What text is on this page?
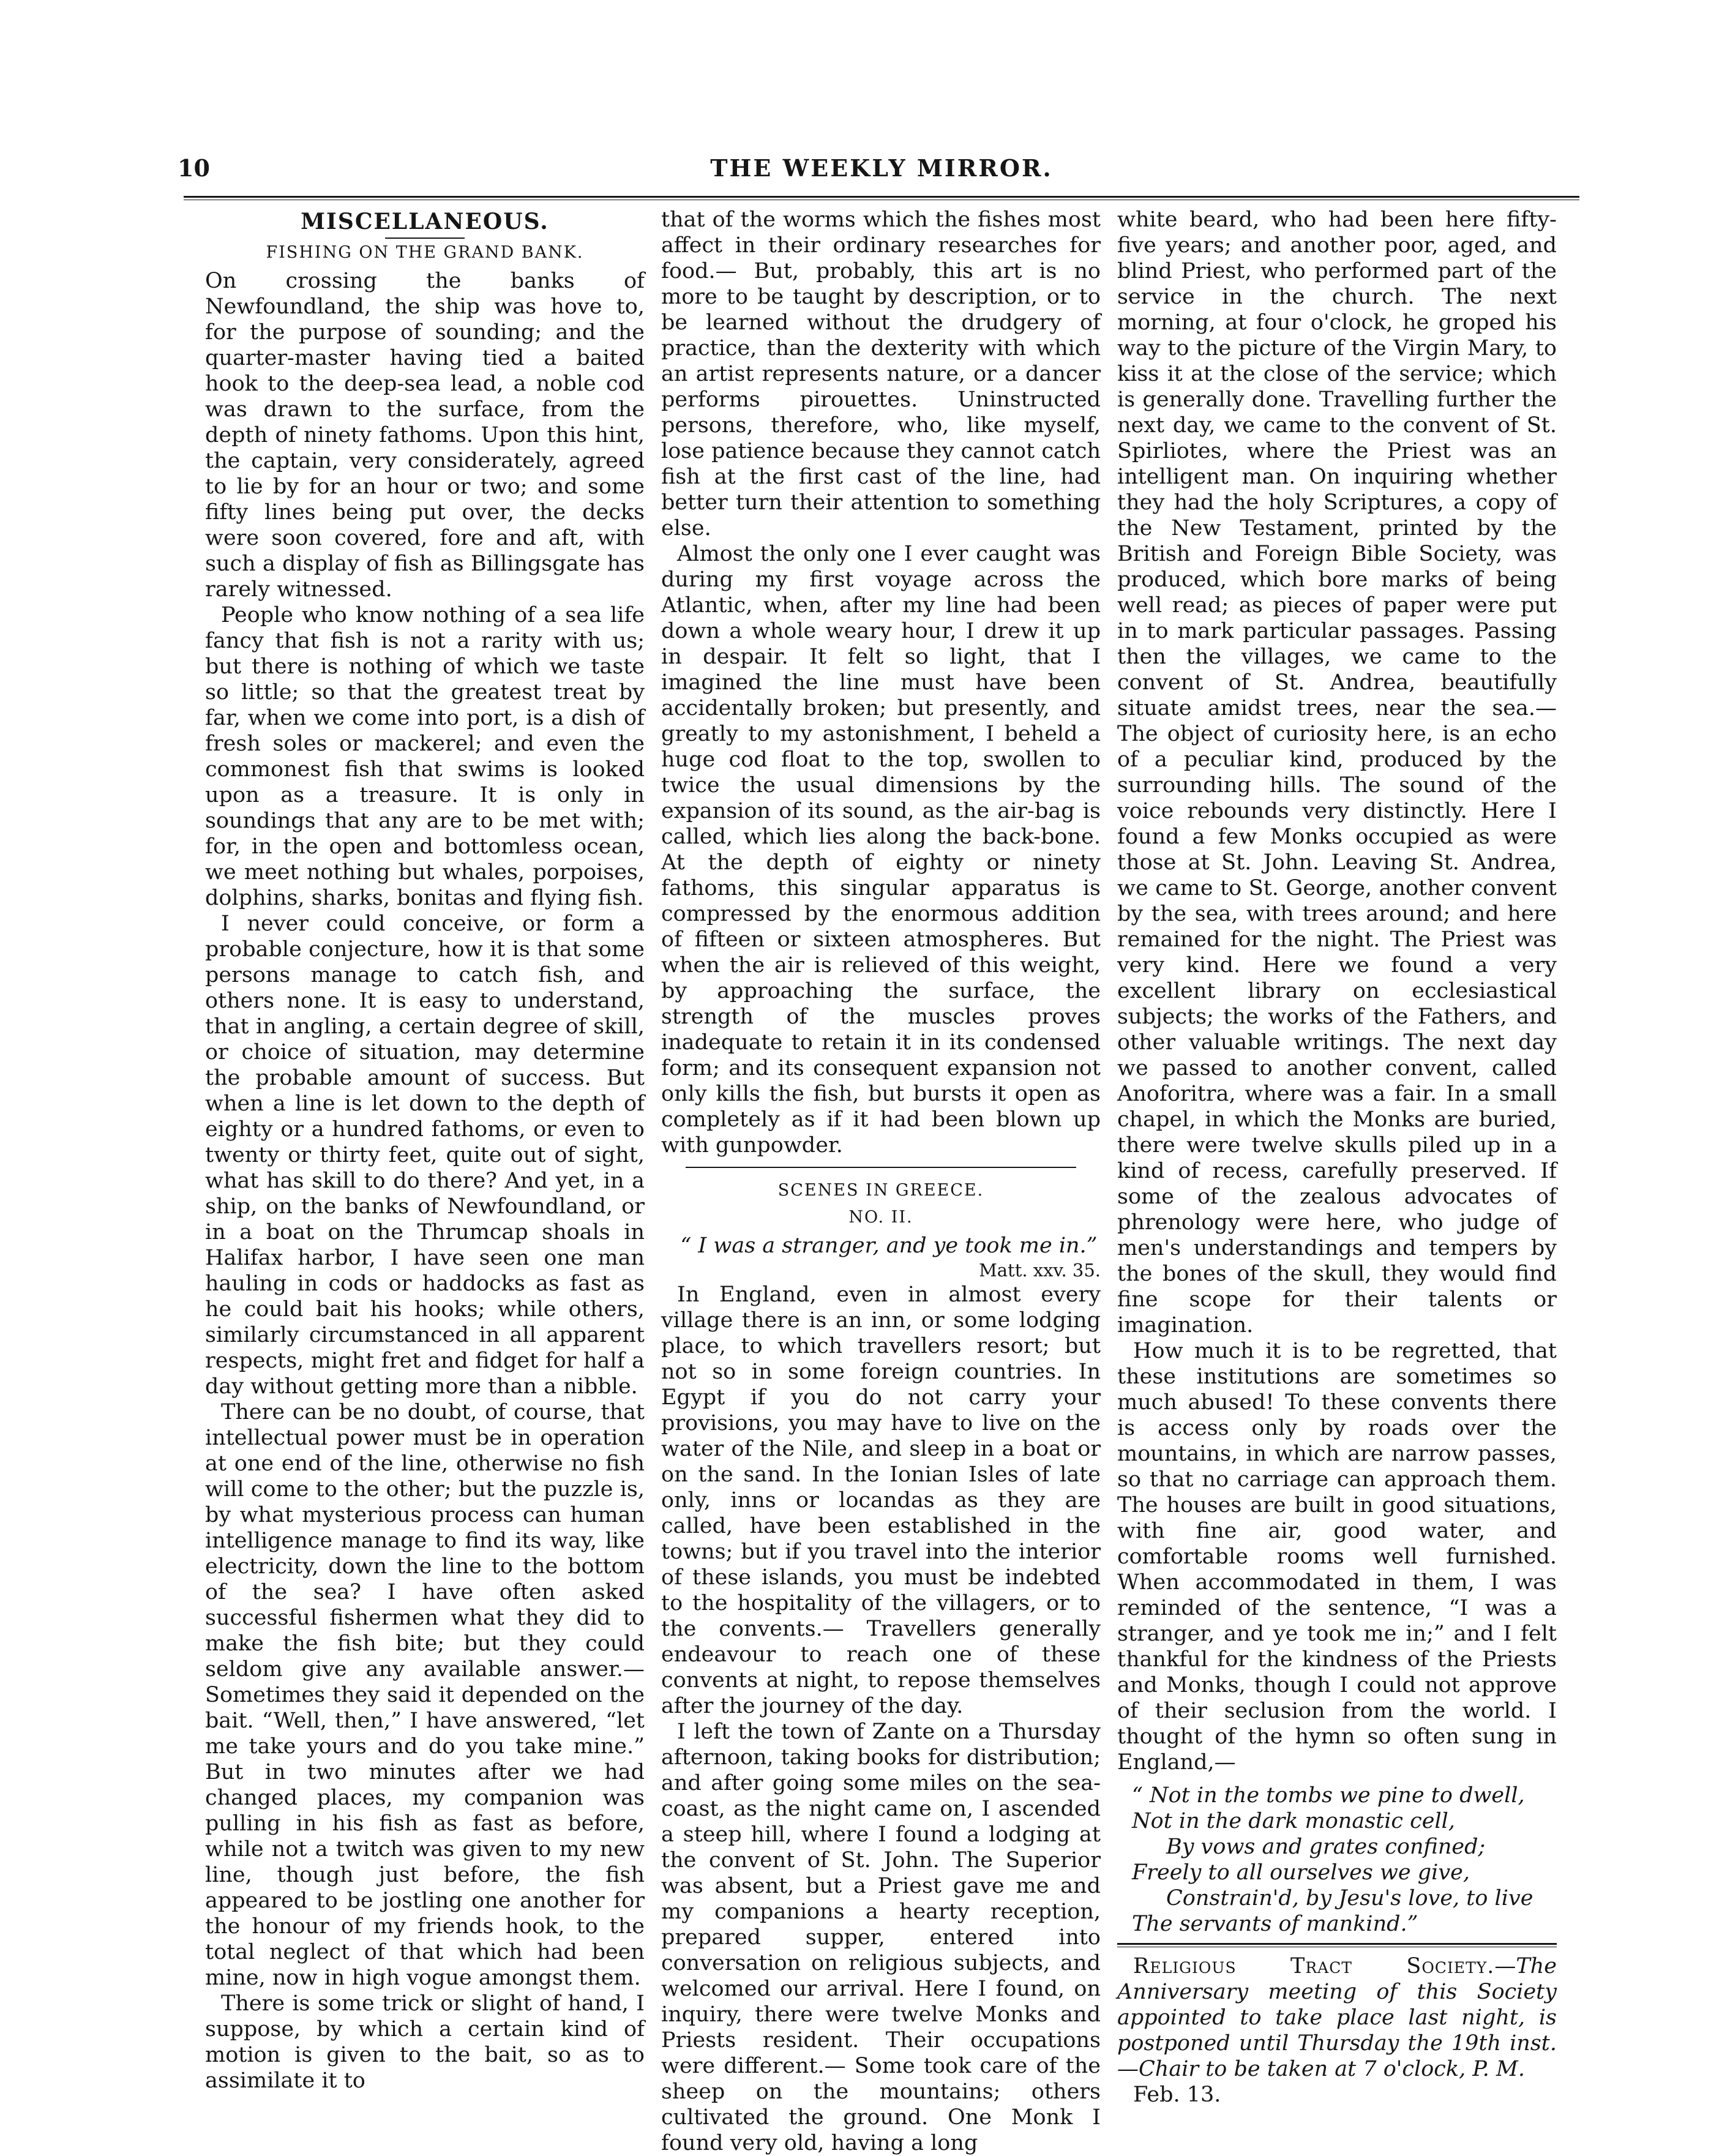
10	THE WEEKLY MIRROR.
MISCELLANEOUS.
FISHING ON THE GRAND BANK.

On crossing the banks of Newfoundland, the ship was hove to, for the purpose of sounding; and the quarter-master having tied a baited hook to the deep-sea lead, a noble cod was drawn to the surface, from the depth of ninety fathoms. Upon this hint, the captain, very considerately, agreed to lie by for an hour or two; and some fifty lines being put over, the decks were soon covered, fore and aft, with such a display of fish as Billingsgate has rarely witnessed.

People who know nothing of a sea life fancy that fish is not a rarity with us; but there is nothing of which we taste so little; so that the greatest treat by far, when we come into port, is a dish of fresh soles or mackerel; and even the commonest fish that swims is looked upon as a treasure. It is only in soundings that any are to be met with; for, in the open and bottomless ocean, we meet nothing but whales, porpoises, dolphins, sharks, bonitas and flying fish.

I never could conceive, or form a probable conjecture, how it is that some persons manage to catch fish, and others none. It is easy to understand, that in angling, a certain degree of skill, or choice of situation, may determine the probable amount of success. But when a line is let down to the depth of eighty or a hundred fathoms, or even to twenty or thirty feet, quite out of sight, what has skill to do there? And yet, in a ship, on the banks of Newfoundland, or in a boat on the Thrumcap shoals in Halifax harbor, I have seen one man hauling in cods or haddocks as fast as he could bait his hooks; while others, similarly circumstanced in all apparent respects, might fret and fidget for half a day without getting more than a nibble.

There can be no doubt, of course, that intellectual power must be in operation at one end of the line, otherwise no fish will come to the other; but the puzzle is, by what mysterious process can human intelligence manage to find its way, like electricity, down the line to the bottom of the sea? I have often asked successful fishermen what they did to make the fish bite; but they could seldom give any available answer.— Sometimes they said it depended on the bait. “Well, then,” I have answered, “let me take yours and do you take mine.” But in two minutes after we had changed places, my companion was pulling in his fish as fast as before, while not a twitch was given to my new line, though just before, the fish appeared to be jostling one another for the honour of my friends hook, to the total neglect of that which had been mine, now in high vogue amongst them.

There is some trick or slight of hand, I suppose, by which a certain kind of motion is given to the bait, so as to assimilate it to

that of the worms which the fishes most affect in their ordinary researches for food.— But, probably, this art is no more to be taught by description, or to be learned without the drudgery of practice, than the dexterity with which an artist represents nature, or a dancer performs pirouettes. Uninstructed persons, therefore, who, like myself, lose patience because they cannot catch fish at the first cast of the line, had better turn their attention to something else.

Almost the only one I ever caught was during my first voyage across the Atlantic, when, after my line had been down a whole weary hour, I drew it up in despair. It felt so light, that I imagined the line must have been accidentally broken; but presently, and greatly to my astonishment, I beheld a huge cod float to the top, swollen to twice the usual dimensions by the expansion of its sound, as the air-bag is called, which lies along the back-bone. At the depth of eighty or ninety fathoms, this singular apparatus is compressed by the enormous addition of fifteen or sixteen atmospheres. But when the air is relieved of this weight, by approaching the surface, the strength of the muscles proves inadequate to retain it in its condensed form; and its consequent expansion not only kills the fish, but bursts it open as completely as if it had been blown up with gunpowder.

SCENES IN GREECE.
NO. II.

“ I was a stranger, and ye took me in.”

Matt. xxv. 35.

In England, even in almost every village there is an inn, or some lodging place, to which travellers resort; but not so in some foreign countries. In Egypt if you do not carry your provisions, you may have to live on the water of the Nile, and sleep in a boat or on the sand. In the Ionian Isles of late only, inns or locandas as they are called, have been established in the towns; but if you travel into the interior of these islands, you must be indebted to the hospitality of the villagers, or to the convents.— Travellers generally endeavour to reach one of these convents at night, to repose themselves after the journey of the day.

I left the town of Zante on a Thursday afternoon, taking books for distribution; and after going some miles on the sea-coast, as the night came on, I ascended a steep hill, where I found a lodging at the convent of St. John. The Superior was absent, but a Priest gave me and my companions a hearty reception, prepared supper, entered into conversation on religious subjects, and welcomed our arrival. Here I found, on inquiry, there were twelve Monks and Priests resident. Their occupations were different.— Some took care of the sheep on the mountains; others cultivated the ground. One Monk I found very old, having a long

white beard, who had been here fifty-five years; and another poor, aged, and blind Priest, who performed part of the service in the church. The next morning, at four o'clock, he groped his way to the picture of the Virgin Mary, to kiss it at the close of the service; which is generally done. Travelling further the next day, we came to the convent of St. Spirliotes, where the Priest was an intelligent man. On inquiring whether they had the holy Scriptures, a copy of the New Testament, printed by the British and Foreign Bible Society, was produced, which bore marks of being well read; as pieces of paper were put in to mark particular passages. Passing then the villages, we came to the convent of St. Andrea, beautifully situate amidst trees, near the sea.— The object of curiosity here, is an echo of a peculiar kind, produced by the surrounding hills. The sound of the voice rebounds very distinctly. Here I found a few Monks occupied as were those at St. John. Leaving St. Andrea, we came to St. George, another convent by the sea, with trees around; and here remained for the night. The Priest was very kind. Here we found a very excellent library on ecclesiastical subjects; the works of the Fathers, and other valuable writings. The next day we passed to another convent, called Anoforitra, where was a fair. In a small chapel, in which the Monks are buried, there were twelve skulls piled up in a kind of recess, carefully preserved. If some of the zealous advocates of phrenology were here, who judge of men's understandings and tempers by the bones of the skull, they would find fine scope for their talents or imagination.

How much it is to be regretted, that these institutions are sometimes so much abused! To these convents there is access only by roads over the mountains, in which are narrow passes, so that no carriage can approach them. The houses are built in good situations, with fine air, good water, and comfortable rooms well furnished. When accommodated in them, I was reminded of the sentence, “I was a stranger, and ye took me in;” and I felt thankful for the kindness of the Priests and Monks, though I could not approve of their seclusion from the world. I thought of the hymn so often sung in England,—

“ Not in the tombs we pine to dwell,
Not in the dark monastic cell,
By vows and grates confined;
Freely to all ourselves we give,
Constrain'd, by Jesu's love, to live
The servants of mankind.”

Religious Tract Society.—The Anniversary meeting of this Society appointed to take place last night, is postponed until Thursday the 19th inst.—Chair to be taken at 7 o'clock, P. M.

Feb. 13.
